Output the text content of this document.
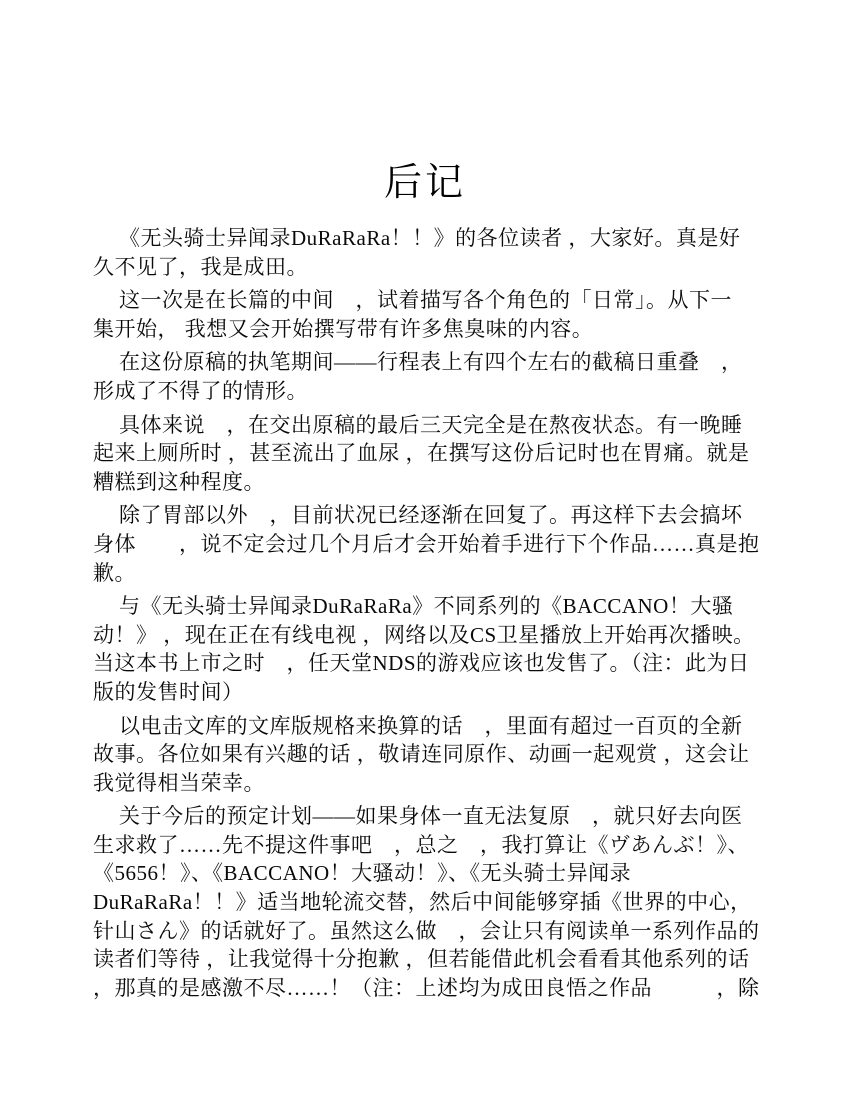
后记
《无头骑士异闻录DuRaRaRa！！》的各位读者 ，大家好。真是好
久不见了，我是成田。
这一次是在长篇的中间　，试着描写各个角色的「日常」。从下一
集开始， 我想又会开始撰写带有许多焦臭味的内容。
在这份原稿的执笔期间——行程表上有四个左右的截稿日重叠　，
形成了不得了的情形。
具体来说　，在交出原稿的最后三天完全是在熬夜状态。有一晚睡
起来上厕所时 ，甚至流出了血尿 ，在撰写这份后记时也在胃痛。就是
糟糕到这种程度。
除了胃部以外　，目前状况已经逐渐在回复了。再这样下去会搞坏
身体　　，说不定会过几个月后才会开始着手进行下个作品……真是抱
歉。
与《无头骑士异闻录DuRaRaRa》不同系列的《BACCANO！大骚
动！》 ，现在正在有线电视 ，网络以及CS卫星播放上开始再次播映。
当这本书上市之时　，任天堂NDS的游戏应该也发售了。（注：此为日
版的发售时间）
以电击文库的文库版规格来换算的话　，里面有超过一百页的全新
故事。各位如果有兴趣的话 ，敬请连同原作、动画一起观赏 ，这会让
我觉得相当荣幸。
关于今后的预定计划——如果身体一直无法复原　，就只好去向医
生求救了……先不提这件事吧　，总之　，我打算让《ヴあんぶ！》、
《5656！》、《BACCANO！大骚动！》、《无头骑士异闻录
DuRaRaRa！！》适当地轮流交替，然后中间能够穿插《世界的中心，
针山さん》的话就好了。虽然这么做　，会让只有阅读单一系列作品的
读者们等待 ，让我觉得十分抱歉 ，但若能借此机会看看其他系列的话
，那真的是感激不尽……！（注：上述均为成田良悟之作品　　　，除
